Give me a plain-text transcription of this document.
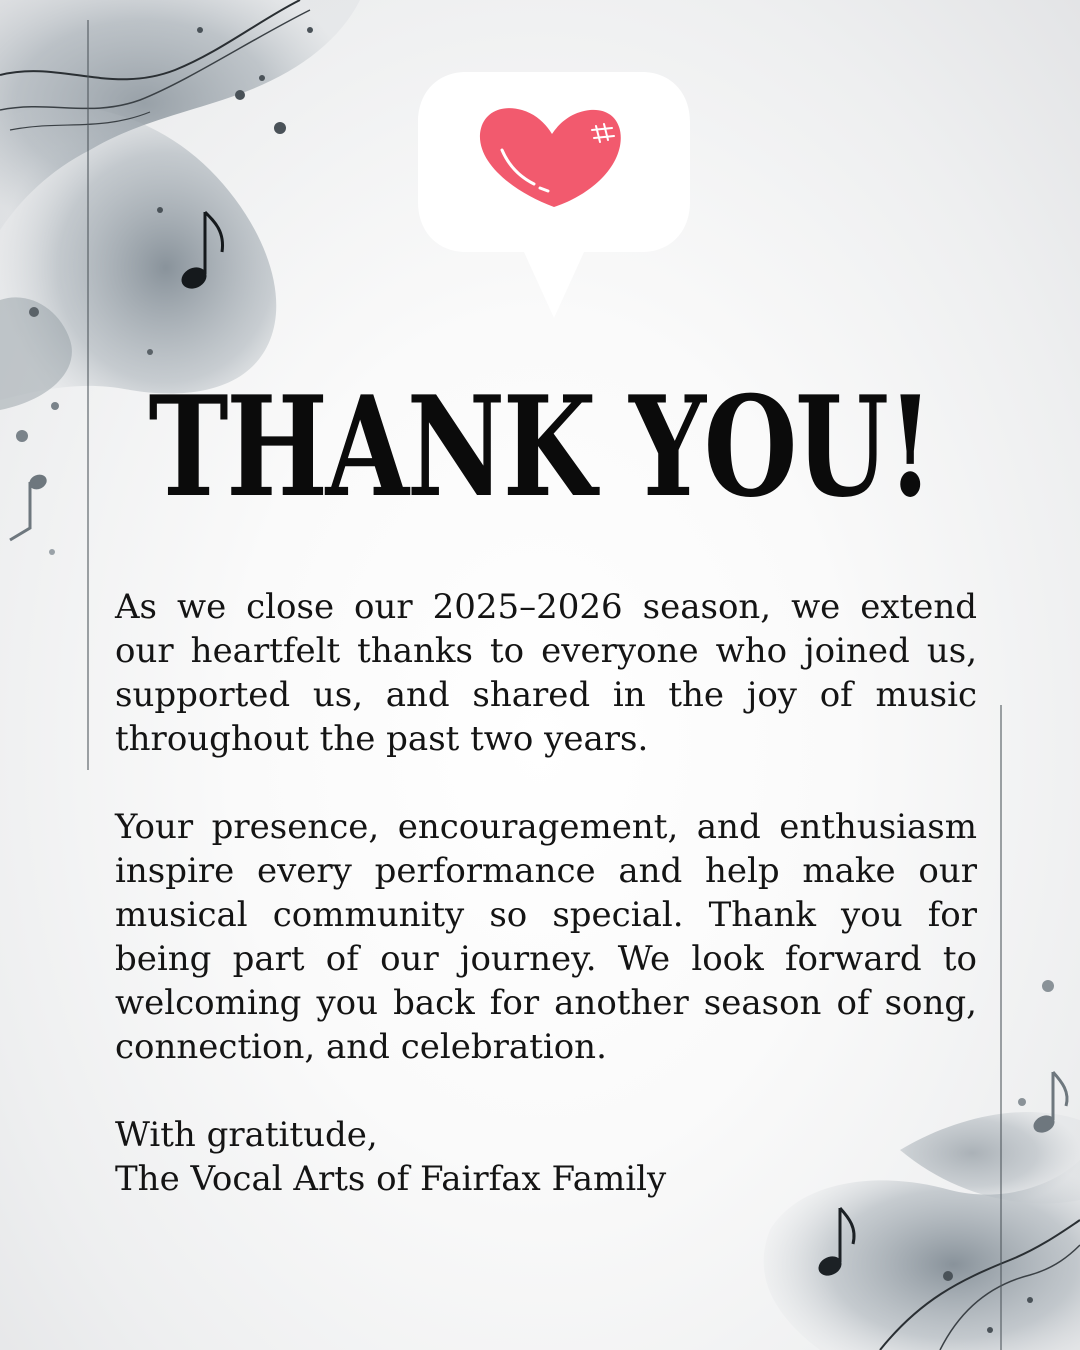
THANK YOU!

As we close our 2025–2026 season, we extend our heartfelt thanks to everyone who joined us, supported us, and shared in the joy of music throughout the past two years.

Your presence, encouragement, and enthusiasm inspire every performance and help make our musical community so special. Thank you for being part of our journey. We look forward to welcoming you back for another season of song, connection, and celebration.

With gratitude,
The Vocal Arts of Fairfax Family
